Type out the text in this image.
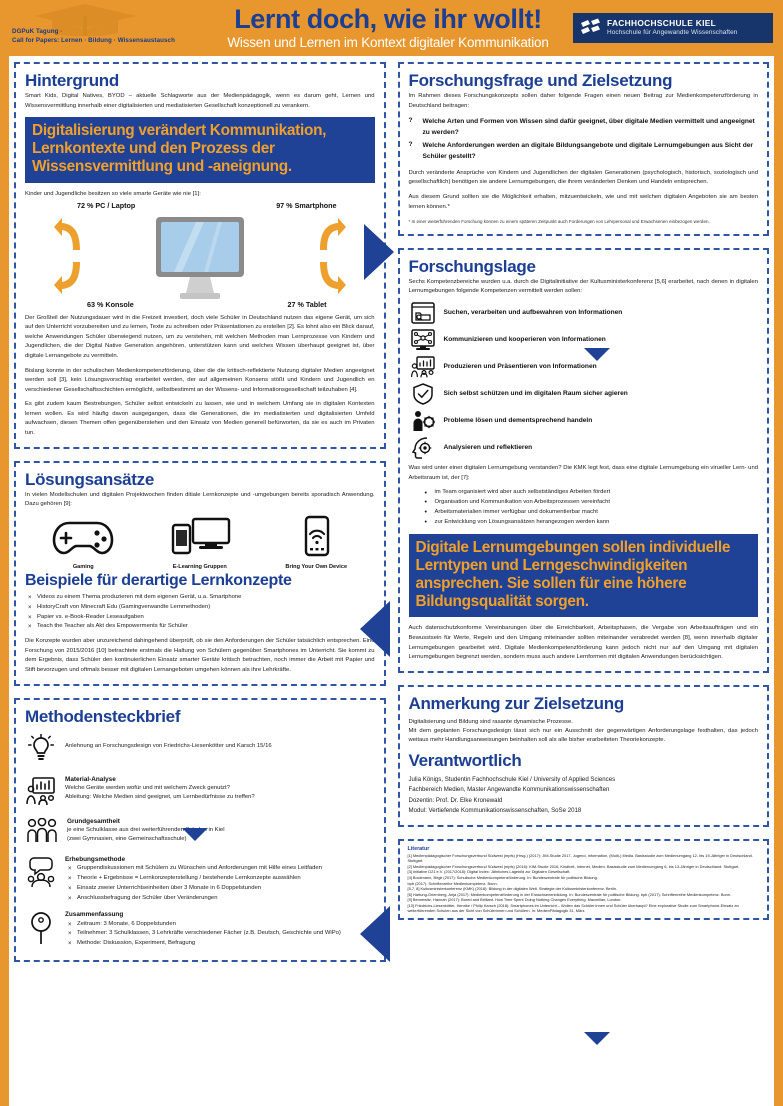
DGPuK Tagung ·
Call for Papers: Lernen · Bildung · Wissensaustausch
Lernt doch, wie ihr wollt!
Wissen und Lernen im Kontext digitaler Kommunikation
FACHHOCHSCHULE KIEL
Hochschule für Angewandte Wissenschaften
Hintergrund

Smart Kids, Digital Natives, BYOD – aktuelle Schlagworte aus der Medienpädagogik, wenn es darum geht, Lernen und Wissensvermittlung innerhalb einer digitalisierten und mediatisierten Gesellschaft konzeptionell zu verankern.

Digitalisierung verändert Kommunikation, Lernkontexte und den Prozess der Wissensvermittlung und -aneignung.

Kinder und Jugendliche besitzen so viele smarte Geräte wie nie [1]:

72 % PC / Laptop	97 % Smartphone
63 % Konsole	27 % Tablet

Der Großteil der Nutzungsdauer wird in die Freizeit investiert, doch viele Schüler in Deutschland nutzen das eigene Gerät, um sich auf den Unterricht vorzubereiten und zu lernen, Texte zu schreiben oder Präsentationen zu erstellen [2]. Es lohnt also ein Blick darauf, welche Anwendungen Schüler überwiegend nutzen, um zu verstehen, mit welchen Methoden man Lernprozesse von Kindern und Jugendlichen, die der Digital Native Generation angehören, unterstützen kann und welches Wissen überhaupt geeignet ist, über digitale Lernangebote zu vermitteln.

Bislang konnte in der schulischen Medienkompetenzförderung, über die die kritisch-reflektierte Nutzung digitaler Medien angeeignet werden soll [3], kein Lösungsvorschlag erarbeitet werden, der auf allgemeinen Konsens stößt und Kindern und Jugendlich en verschiedener Gesellschaftsschichten ermöglicht, selbstbestimmt an der Wissens- und Informationsgesellschaft teilzuhaben [4].

Es gibt zudem kaum Bestrebungen, Schüler selbst entwickeln zu lassen, wie und in welchem Umfang sie in digitalen Kontexten lernen wollen. Es wird häufig davon ausgegangen, dass die Generationen, die im mediatisierten und digitalisierten Umfeld aufwachsen, diesen Themen offen gegenüberstehen und den Einsatz von Medien generell befürworten, da sie es auch im Privaten tun.

Lösungsansätze

In vielen Modellschulen und digitalen Projektwochen finden ditiale Lernkonzepte und -umgebungen bereits sporadisch Anwendung. Dazu gehören [9]:

Gaming	E-Learning Gruppen	Bring Your Own Device
Beispiele für derartige Lernkonzepte
× Videos zu einem Thema produzieren mit dem eigenen Gerät, u.a. Smartphone
× HistoryCraft von Minecraft Edu (Gamingverwandte Lernmethoden)
× Papier vs. e-Book-Reader Leseaufgaben
× Teach the Teacher als Akt des Empowerments für Schüler

Die Konzepte wurden aber unzureichend dahingehend überprüft, ob sie den Anforderungen der Schüler tatsächlich entsprechen. Eine Forschung von 2015/2016 [10] betrachtete erstmals die Haltung von Schülern gegenüber Smartphones im Unterricht. Sie kommt zu dem Ergebnis, dass Schüler den kontinuierlichen Einsatz smarter Geräte kritisch betrachten, noch immer die Arbeit mit Papier und Stift bevorzugen und oftmals besser mit digitalen Lernangeboten umgehen können als ihre Lehrkräfte.

Methodensteckbrief
Anlehnung an Forschungsdesign von Friedrichs-Liesenkötter und Karsch 15/16
Material-Analyse
Welche Geräte werden wofür und mit welchem Zweck genutzt?
Ableitung: Welche Medien sind geeignet, um Lernbedürfnisse zu treffen?
Grundgesamtheit
je eine Schulklasse aus drei weiterführenden Schulen in Kiel
(zwei Gymnasien, eine Gemeinschaftsschule)
Erhebungsmethode
× Gruppendiskussionen mit Schülern zu Wünschen und Anforderungen mit Hilfe eines Leitfaden
× Theorie + Ergebnisse = Lernkonzepterstellung / bestehende Lernkonzepte auswählen
× Einsatz zweier Unterrichtseinheiten über 3 Monate in 6 Doppelstunden
× Anschlussbefragung der Schüler über Veränderungen
Zusammenfassung
× Zeitraum: 3 Monate, 6 Doppelstunden
× Teilnehmer: 3 Schulklassen, 3 Lehrkräfte verschiedener Fächer (z.B. Deutsch, Geschichte und WiPo)
× Methode: Diskussion, Experiment, Befragung
Forschungsfrage und Zielsetzung

Im Rahmen dieses Forschungskonzepts sollen daher folgende Fragen einen neuen Beitrag zur Medienkompetenzförderung in Deutschland beitragen:

?	Welche Arten und Formen von Wissen sind dafür geeignet, über digitale Medien vermittelt und angeeignet zu werden?
?	Welche Anforderungen werden an digitale Bildungsangebote und digitale Lernumgebungen aus Sicht der Schüler gestellt?

Durch veränderte Ansprüche von Kindern und Jugendlichen der digitalen Generationen (psychologisch, historisch, soziologisch und gesellschaftlich) benötigen sie andere Lernumgebungen, die ihrem veränderten Denken und Handeln entsprechen.

Aus diesem Grund sollten sie die Möglichkeit erhalten, mitzuentwickeln, wie und mit welchen digitalen Angeboten sie am besten lernen können.*

* In einer weiterführenden Forschung können zu einem späteren Zeitpunkt auch Forderungen von Lehrpersonal und Erwachsenen einbezogen werden.
Forschungslage

Sechs Kompetenzbereiche wurden u.a. durch die Digitalinitiative der Kultusministerkonferenz [5,6] erarbeitet, nach denen in digitalen Lernumgebungen folgende Kompetenzen vermittelt werden sollen:

Suchen, verarbeiten und aufbewahren von Informationen
Kommunizieren und kooperieren von Informationen
Produzieren und Präsentieren von Informationen
Sich selbst schützen und im digitalen Raum sicher agieren
Probleme lösen und dementsprechend handeln
Analysieren und reflektieren

Was wird unter einer digitalen Lernumgebung verstanden? Die KMK legt fest, dass eine digitale Lernumgebung ein virueller Lern- und Arbeitsraum ist, der [7]:

• im Team organisiert wird aber auch selbstständiges Arbeiten fördert
• Organisation und Kommunikation von Arbeitsprozessen vereinfacht
• Arbeitsmaterialien immer verfügbar und dokumentierbar macht
• zur Entwicklung von Lösungsansätzen herangezogen werden kann
Digitale Lernumgebungen sollen individuelle Lerntypen und Lerngeschwindigkeiten ansprechen. Sie sollen für eine höhere Bildungsqualität sorgen.

Auch datenschutzkonforme Vereinbarungen über die Erreichbarkeit, Arbeitsphasen, die Vergabe von Arbeitsaufträgen und ein Bewusstsein für Werte, Regeln und den Umgang miteinander sollten miteinander verabredet werden [8], wenn innerhalb digitaler Lernumgebungen gearbeitet wird. Digitale Medienkompetenzförderung kann jedoch nicht nur auf den Umgang mit digitalen Lernumgebungen begrenzt werden, sondern muss auch andere Lernformen mit digitalen Anwendungen berücksichtigen.

Anmerkung zur Zielsetzung

Digitalisierung und Bildung sind rasante dynamische Prozesse.

Mit dem geplanten Forschungsdesign lässt sich nur ein Ausschnitt der gegenwärtigen Anforderungslage festhalten, das jedoch weitaus mehr Handlungsanweisungen beinhalten soll als alle bisher erarbeiteten Theoriekonzepte.

Verantwortlich
Julia Königs, Studentin Fachhochschule Kiel / University of Applied Sciences
Fachbereich Medien, Master Angewandte Kommunikationswissenschaften
Dozentin: Prof. Dr. Elke Kronewald
Modul: Vertiefende Kommunikationswissenschaften, SoSe 2018
Literatur
[1] Medienpädagogischer Forschungsverbund Südwest (mpfs) (Hrsg.) (2017): JIM-Studie 2017, Jugend, Information, (Multi-) Media. Basisstudie zum Medienumgang 12- bis 19-Jähriger in Deutschland. Stuttgart.
[2] Medienpädagogischer Forschungsverbund Südwest (mpfs) (2016): KIM-Studie 2016, Kindheit, Internet, Medien. Basisstudie zum Medienumgang 6- bis 13-Jähriger in Deutschland. Stuttgart.
[3] Initiative D21 e.V. (2017/2018): Digital Index: Jährliches Lagebild zur Digitalen Gesellschaft.
[4] Bockmann, Birgit (2017): Schulische Medienkompetenzförderung. In: Bundeszentrale für politische Bildung.
bpb (2017): Schriftenreihe Medienkompetenz. Bonn.
[5,7, 8] Kultusministerkonferenz (KMK) (2016): Bildung in der digitalen Welt. Strategie der Kultusministerkonferenz. Berlin.
[6] Hartung-Griemberg, Anja (2017): Medienkompetenzförderung in der Erwachsenenbildung. In: Bundeszentrale für politische Bildung. bpb (2017): Schriftenreihe Medienkompetenz. Bonn.
[9] Bennewitz, Hannah (2017): Bored and Brilliant. How Time Spent Doing Nothing Changes Everything. Macmillan, London.
[10] Friedrichs-Liesenkötter, Henrike / Philip Karsch (2018): Smartphones im Unterricht – Wollen das Schüler:innen und Schüler überhaupt? Eine explorative Studie zum Smartphone-Einsatz an weiterführenden Schulen aus der Sicht von Schülerinnen und Schülern. In: MedienPädagogik 31, März.
